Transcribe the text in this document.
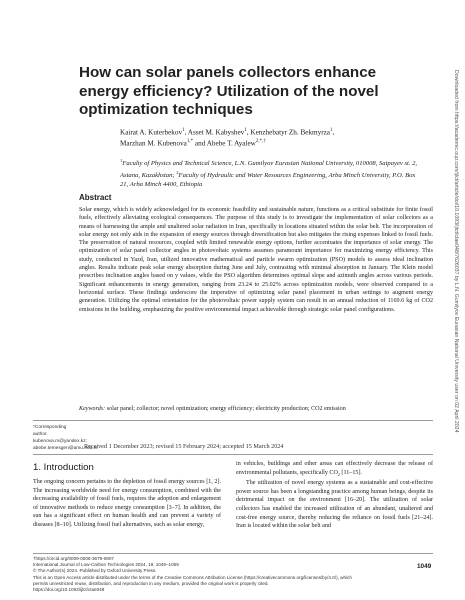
Downloaded from https://academic.oup.com/ijlct/article/doi/10.1093/ijlct/ctae048/7626037 by L.N. Gumilyov Eurasian National University user on 02 April 2024
How can solar panels collectors enhance energy efficiency? Utilization of the novel optimization techniques

Kairat A. Kuterbekov$^1$, Asset M. Kabyshev$^1$, Kenzhebatyr Zh. Bekmyrza$^1$,
Marzhan M. Kubenova$^{1,*}$ and Abebe T. Ayalew$^{2,*,\dagger}$

$^1$Faculty of Physics and Technical Science, L.N. Gumilyov Eurasian National University, 010008, Satpayev st. 2, Astana, Kazakhstan; $^2$Faculty of Hydraulic and Water Resources Engineering, Arba Minch University, P.O. Box 21, Arba Minch 4400, Ethiopia

Abstract

Solar energy, which is widely acknowledged for its economic feasibility and sustainable nature, functions as a critical substitute for finite fossil fuels, effectively alleviating ecological consequences. The purpose of this study is to investigate the implementation of solar collectors as a means of harnessing the ample and unaltered solar radiation in Iran, specifically in locations situated within the solar belt. The incorporation of solar energy not only aids in the expansion of energy sources through diversification but also mitigates the rising expenses linked to fossil fuels. The preservation of natural resources, coupled with limited renewable energy options, further accentuates the importance of solar energy. The optimization of solar panel collector angles in photovoltaic systems assumes paramount importance for maximizing energy efficiency. This study, conducted in Yazd, Iran, utilized innovative mathematical and particle swarm optimization (PSO) models to assess ideal inclination angles. Results indicate peak solar energy absorption during June and July, contrasting with minimal absorption in January. The Klein model prescribes inclination angles based on y values, while the PSO algorithm determines optimal slope and azimuth angles across various periods. Significant enhancements in energy generation, ranging from 23.24 to 25.02% across optimization models, were observed compared to a horizontal surface. These findings underscore the imperative of optimizing solar panel placement in urban settings to augment energy generation. Utilizing the optimal orientation for the photovoltaic power supply system can result in an annual reduction of 1169.6 kg of CO2 emissions in the building, emphasizing the positive environmental impact achievable through strategic solar panel configurations.

Keywords: solar panel; collector; novel optimization; energy efficiency; electricity production; CO2 emission

*Corresponding author.
kubenova.m@yandex.kz;
abebe.temesgen@amu.edu.et

Received 1 December 2023; revised 15 February 2024; accepted 15 March 2024

1. Introduction

The ongoing concern pertains to the depletion of fossil energy sources [1, 2]. The increasing worldwide need for energy consumption, combined with the decreasing availability of fossil fuels, requires the adoption and enlargement of innovative methods to reduce energy consumption [3–7]. In addition, the sun has a significant effect on human health and can prevent a variety of diseases [8–10]. Utilizing fossil fuel alternatives, such as solar energy,

in vehicles, buildings and other areas can effectively decrease the release of environmental pollutants, specifically $CO_2$ [11–15].

The utilization of novel energy systems as a sustainable and cost-effective power source has been a longstanding practice among human beings, despite its detrimental impact on the environment [16–20]. The utilization of solar collectors has enabled the increased utilization of an abundant, unaltered and cost-free energy source, thereby reducing the reliance on fossil fuels [21–24]. Iran is located within the solar belt and

†https://orcid.org/0009-0006-3679-0907
International Journal of Low-Carbon Technologies 2024, 19, 1049–1059
© The Author(s) 2024. Published by Oxford University Press.
This is an Open Access article distributed under the terms of the Creative Commons Attribution License (https://creativecommons.org/licenses/by/4.0/), which
permits unrestricted reuse, distribution, and reproduction in any medium, provided the original work is properly cited.
https://doi.org/10.1093/ijlct/ctae048
1049
